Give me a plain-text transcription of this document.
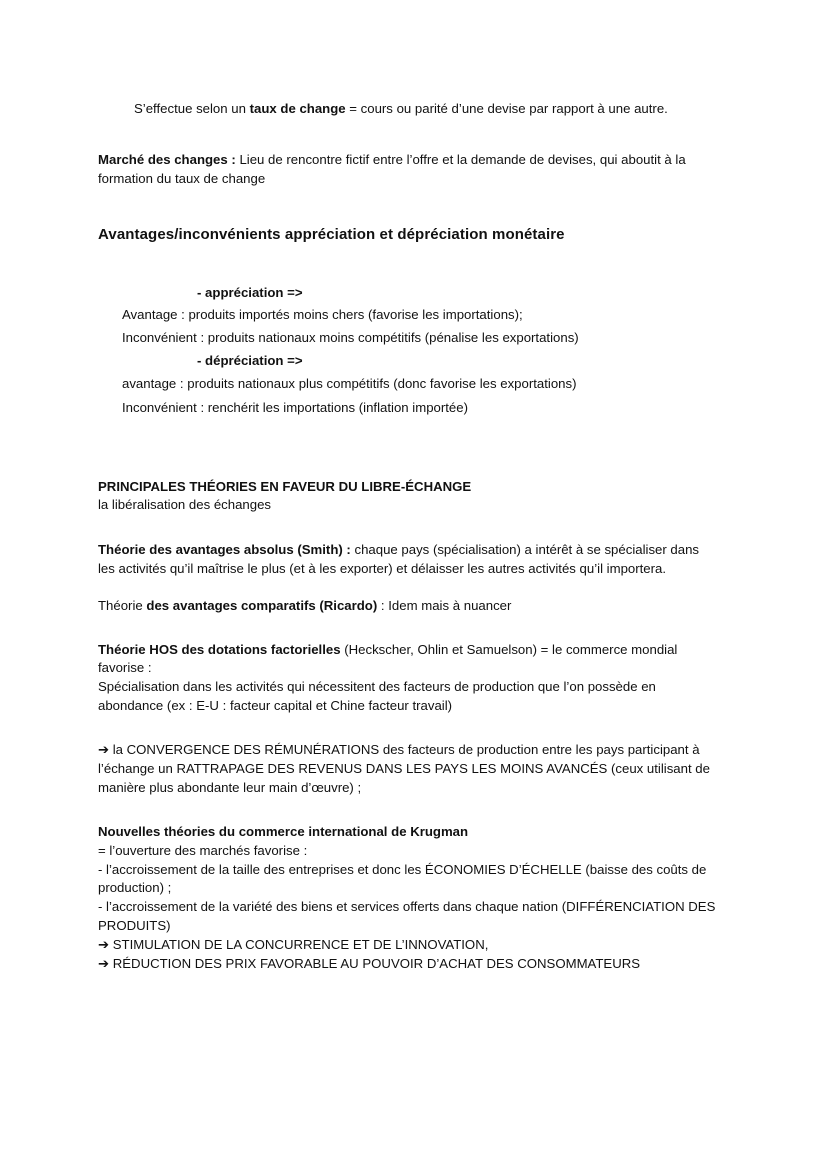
S’effectue selon un taux de change = cours ou parité d’une devise par rapport à une autre.
Marché des changes : Lieu de rencontre fictif entre l’offre et la demande de devises, qui aboutit à la
formation du taux de change
Avantages/inconvénients appréciation et dépréciation monétaire
- appréciation =>
Avantage : produits importés moins chers (favorise les importations);
Inconvénient : produits nationaux moins compétitifs (pénalise les exportations)
- dépréciation =>
avantage : produits nationaux plus compétitifs (donc favorise les exportations)
Inconvénient : renchérit les importations (inflation importée)
PRINCIPALES THÉORIES EN FAVEUR DU LIBRE-ÉCHANGE
la libéralisation des échanges
Théorie des avantages absolus (Smith) : chaque pays (spécialisation) a intérêt à se spécialiser dans
les activités qu’il maîtrise le plus (et à les exporter) et délaisser les autres activités qu’il importera.
Théorie des avantages comparatifs (Ricardo) : Idem mais à nuancer
Théorie HOS des dotations factorielles (Heckscher, Ohlin et Samuelson) = le commerce mondial
favorise :
Spécialisation dans les activités qui nécessitent des facteurs de production que l’on possède en
abondance (ex : E-U : facteur capital et Chine facteur travail)
➔ la CONVERGENCE DES RÉMUNÉRATIONS des facteurs de production entre les pays participant à
l’échange un RATTRAPAGE DES REVENUS DANS LES PAYS LES MOINS AVANCÉS (ceux utilisant de
manière plus abondante leur main d’œuvre) ;
Nouvelles théories du commerce international de Krugman
= l’ouverture des marchés favorise :
- l’accroissement de la taille des entreprises et donc les ÉCONOMIES D’ÉCHELLE (baisse des coûts de
production) ;
- l’accroissement de la variété des biens et services offerts dans chaque nation (DIFFÉRENCIATION DES
PRODUITS)
➔ STIMULATION DE LA CONCURRENCE ET DE L’INNOVATION,
➔ RÉDUCTION DES PRIX FAVORABLE AU POUVOIR D’ACHAT DES CONSOMMATEURS
